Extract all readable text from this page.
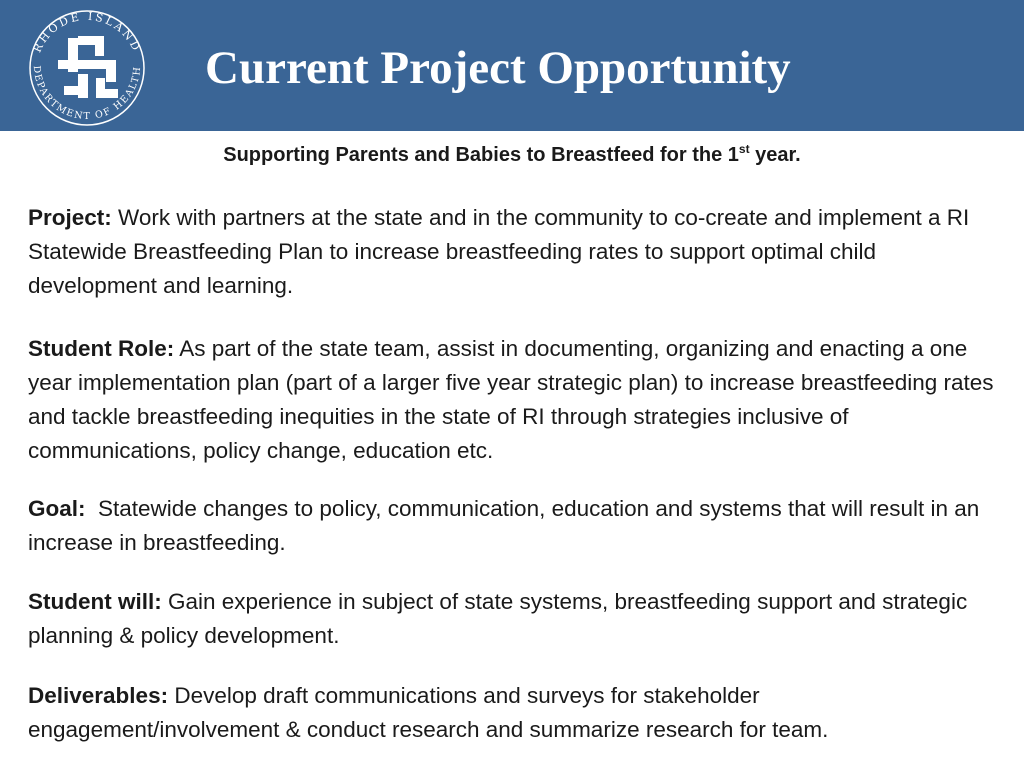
RHODE ISLAND
DEPARTMENT OF HEALTH Current Project Opportunity

Supporting Parents and Babies to Breastfeed for the 1st year.

Project: Work with partners at the state and in the community to co-create and implement a RI Statewide Breastfeeding Plan to increase breastfeeding rates to support optimal child development and learning.

Student Role: As part of the state team, assist in documenting, organizing and enacting a one year implementation plan (part of a larger five year strategic plan) to increase breastfeeding rates and tackle breastfeeding inequities in the state of RI through strategies inclusive of communications, policy change, education etc.

Goal:  Statewide changes to policy, communication, education and systems that will result in an increase in breastfeeding.

Student will: Gain experience in subject of state systems, breastfeeding support and strategic planning & policy development.

Deliverables: Develop draft communications and surveys for stakeholder engagement/involvement & conduct research and summarize research for team.
